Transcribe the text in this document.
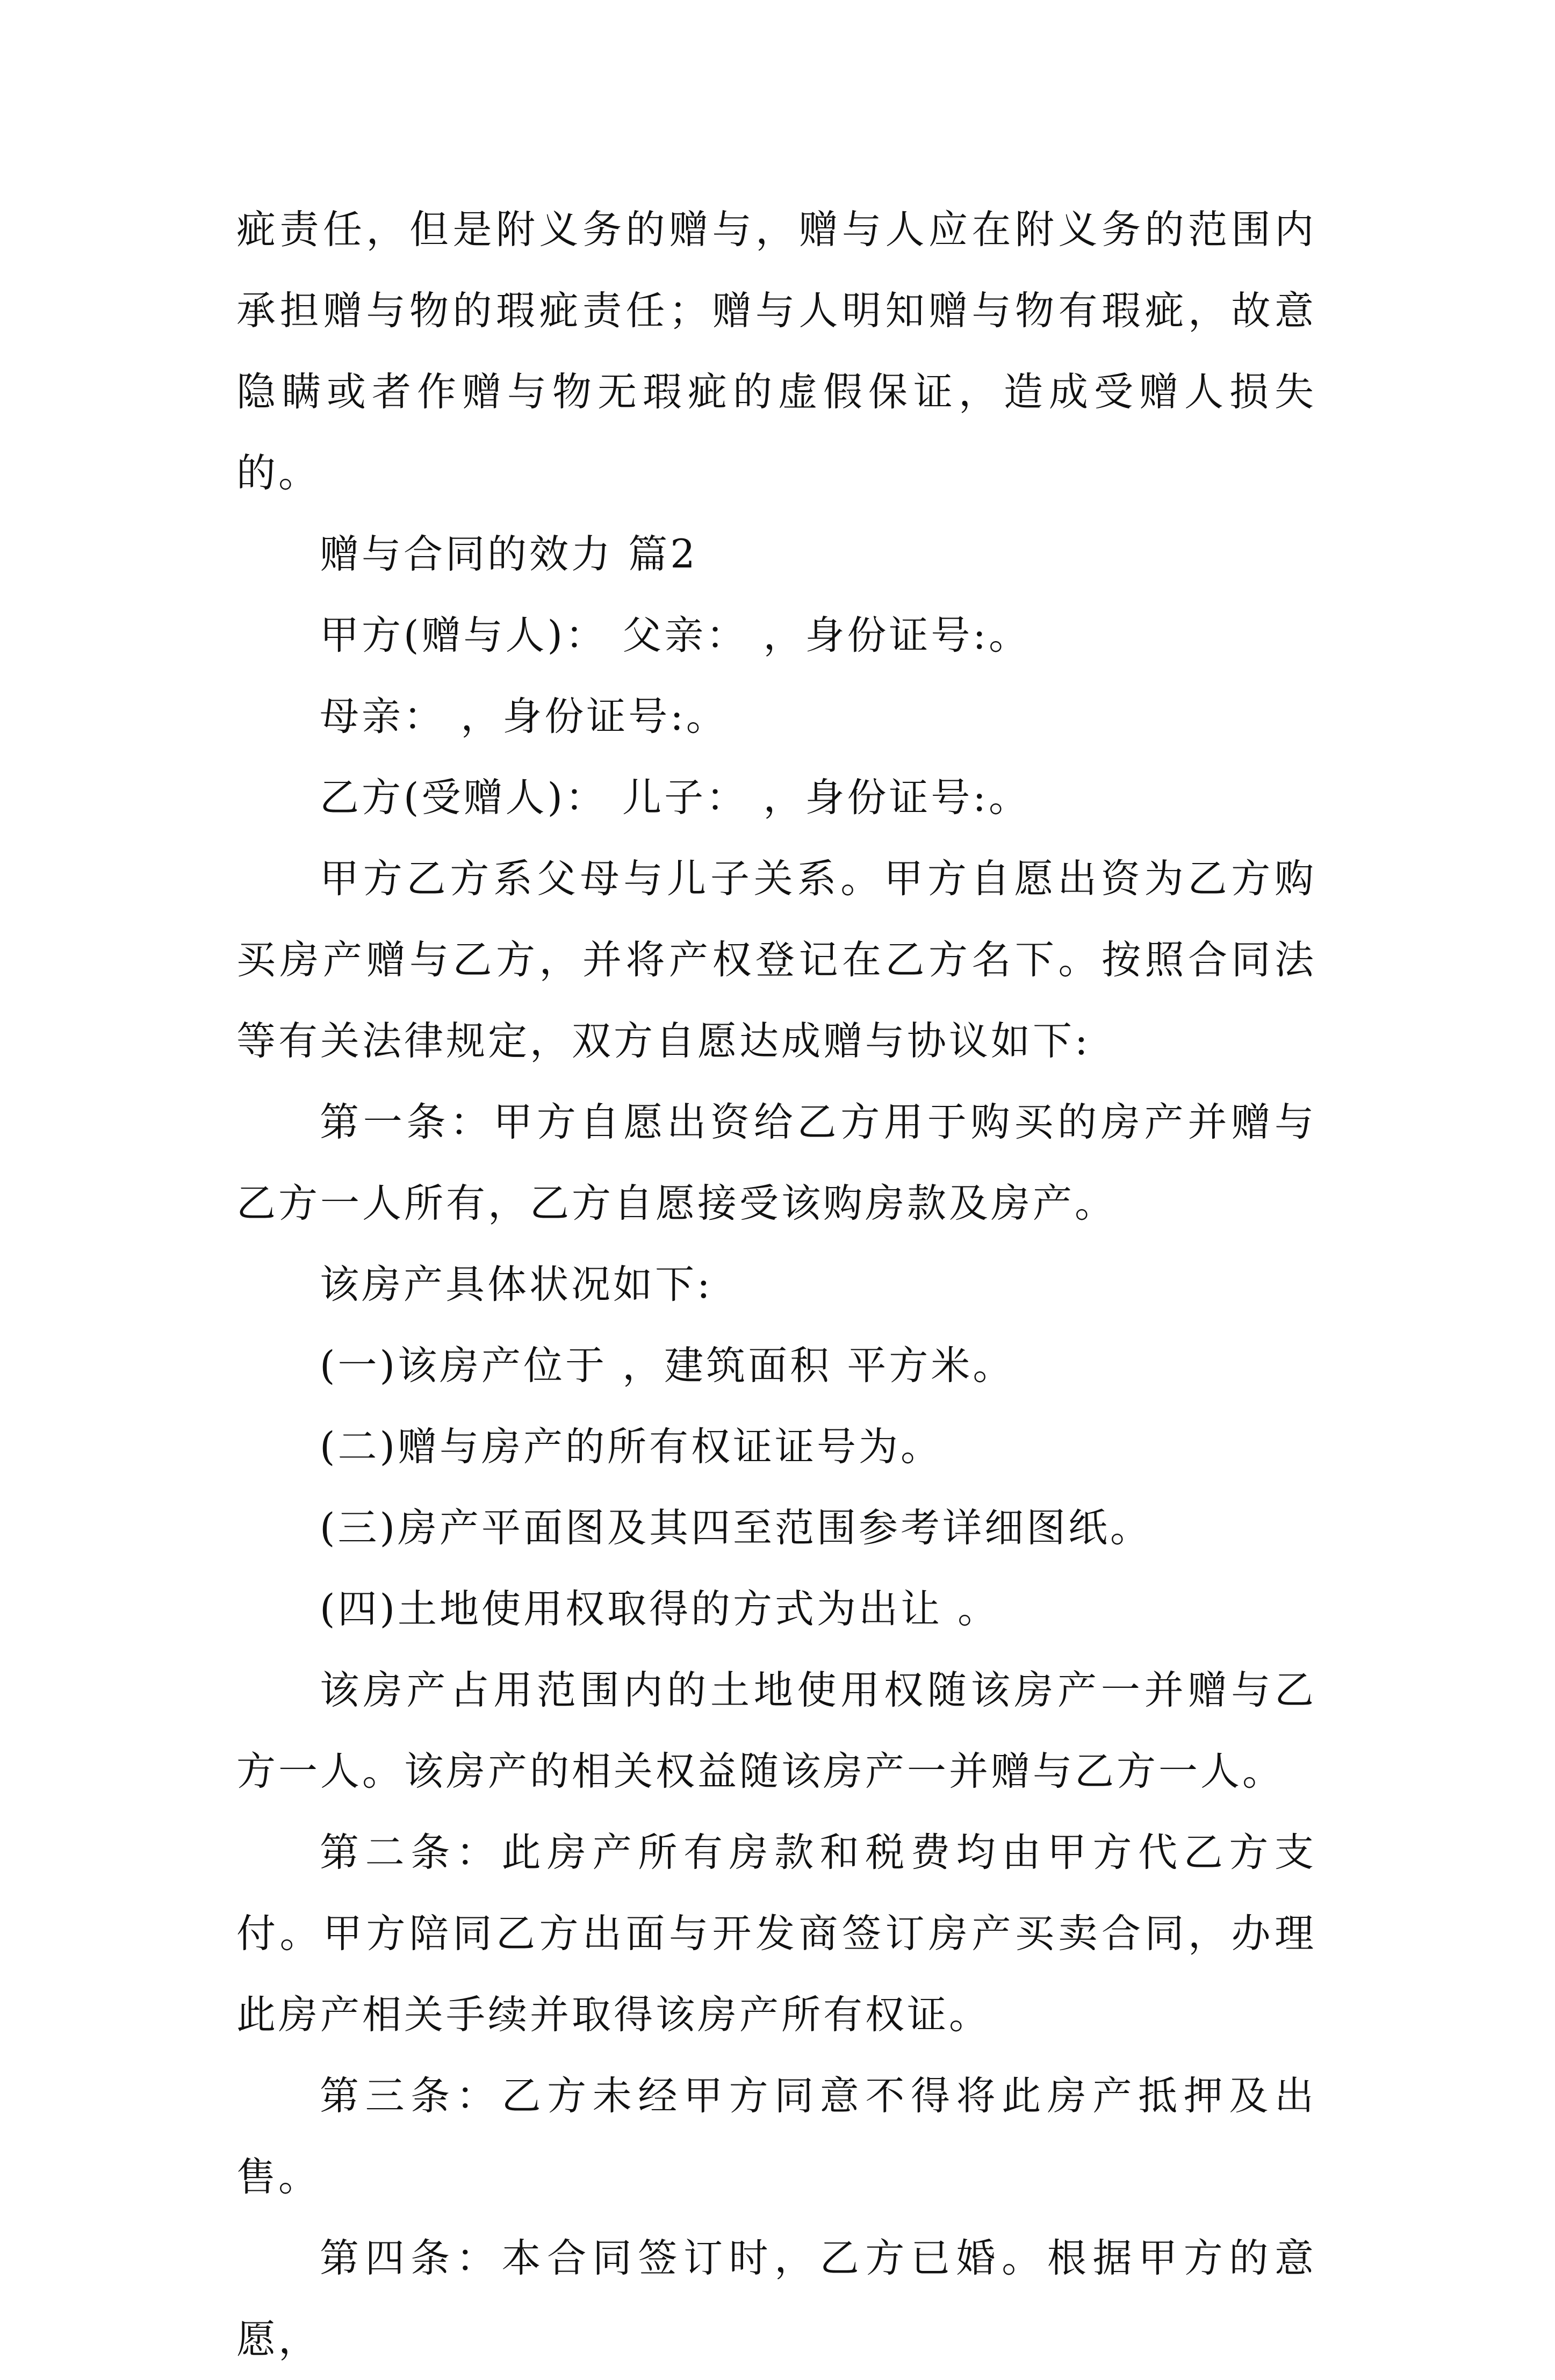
疵责任，但是附义务的赠与，赠与人应在附义务的范围内承担赠与物的瑕疵责任；赠与人明知赠与物有瑕疵，故意隐瞒或者作赠与物无瑕疵的虚假保证，造成受赠人损失的。

赠与合同的效力 篇2

甲方(赠与人)： 父亲： ，身份证号:。

母亲： ，身份证号:。

乙方(受赠人)： 儿子： ，身份证号:。

甲方乙方系父母与儿子关系。甲方自愿出资为乙方购买房产赠与乙方，并将产权登记在乙方名下。按照合同法等有关法律规定，双方自愿达成赠与协议如下:

第一条：甲方自愿出资给乙方用于购买的房产并赠与乙方一人所有，乙方自愿接受该购房款及房产。

该房产具体状况如下:

(一)该房产位于 ，建筑面积 平方米。

(二)赠与房产的所有权证证号为。

(三)房产平面图及其四至范围参考详细图纸。

(四)土地使用权取得的方式为出让 。

该房产占用范围内的土地使用权随该房产一并赠与乙方一人。该房产的相关权益随该房产一并赠与乙方一人。

第二条：此房产所有房款和税费均由甲方代乙方支付。甲方陪同乙方出面与开发商签订房产买卖合同，办理此房产相关手续并取得该房产所有权证。

第三条：乙方未经甲方同意不得将此房产抵押及出售。

第四条：本合同签订时，乙方已婚。根据甲方的意愿，
